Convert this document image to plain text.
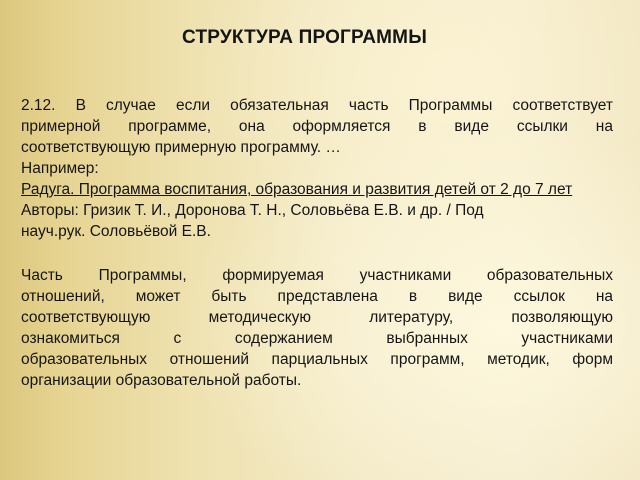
СТРУКТУРА ПРОГРАММЫ
2.12. В случае если обязательная часть Программы соответствует
примерной программе, она оформляется в виде ссылки на
соответствующую примерную программу. …
Например:
Радуга. Программа воспитания, образования и развития детей от 2 до 7 лет
Авторы: Гризик Т. И., Доронова Т. Н., Соловьёва Е.В. и др. / Под
науч.рук. Соловьёвой Е.В.
Часть Программы, формируемая участниками образовательных
отношений, может быть представлена в виде ссылок на
соответствующую методическую литературу, позволяющую
ознакомиться с содержанием выбранных участниками
образовательных отношений парциальных программ, методик, форм
организации образовательной работы.
